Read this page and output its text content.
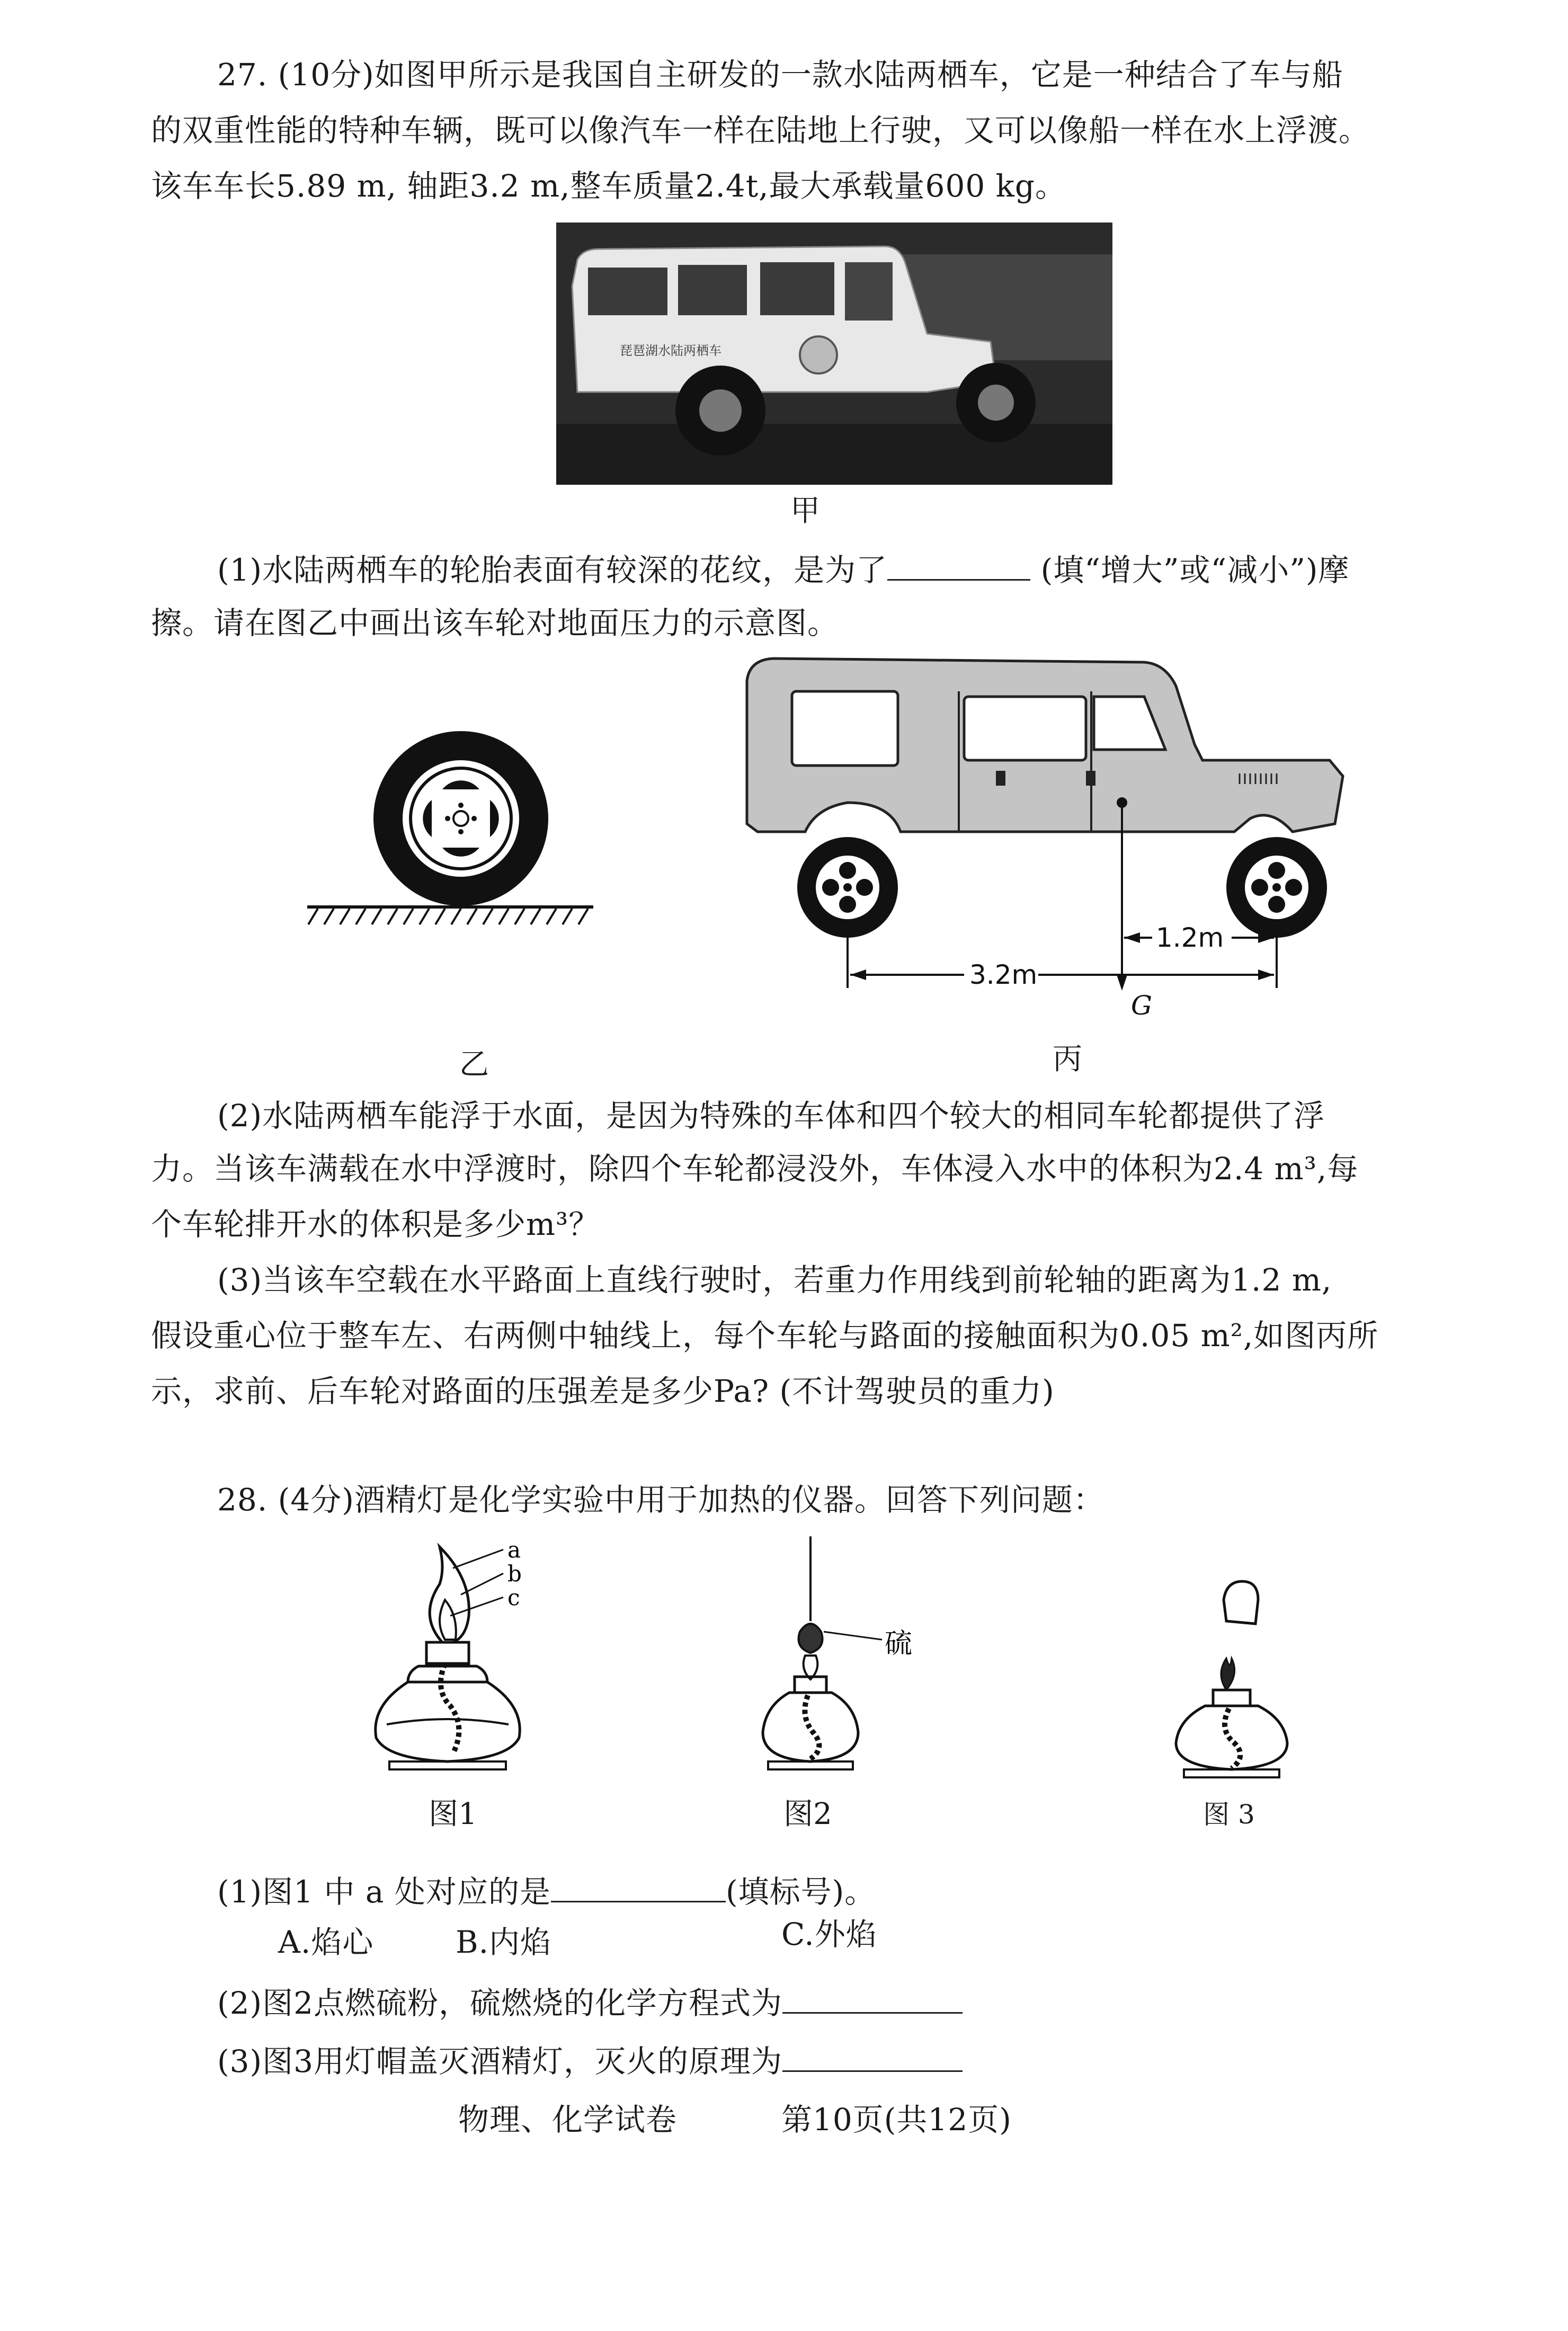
27. (10分)如图甲所示是我国自主研发的一款水陆两栖车，它是一种结合了车与船
的双重性能的特种车辆，既可以像汽车一样在陆地上行驶，又可以像船一样在水上浮渡。
该车车长5.89 m, 轴距3.2 m,整车质量2.4t,最大承载量600 kg。
琵琶湖水陆两栖车
甲
(1)水陆两栖车的轮胎表面有较深的花纹，是为了	(填“增大”或“减小”)摩
擦。请在图乙中画出该车轮对地面压力的示意图。
乙
G
3.2m
1.2m
丙
(2)水陆两栖车能浮于水面，是因为特殊的车体和四个较大的相同车轮都提供了浮
力。当该车满载在水中浮渡时，除四个车轮都浸没外，车体浸入水中的体积为2.4 m³,每
个车轮排开水的体积是多少m³？
(3)当该车空载在水平路面上直线行驶时，若重力作用线到前轮轴的距离为1.2 m,
假设重心位于整车左、右两侧中轴线上，每个车轮与路面的接触面积为0.05 m²,如图丙所
示，求前、后车轮对路面的压强差是多少Pa? (不计驾驶员的重力)
28. (4分)酒精灯是化学实验中用于加热的仪器。回答下列问题：
a
b
c
图1
硫
图2	图 3
(1)图1 中 a 处对应的是	(填标号)。
A.焰心	B.内焰	C.外焰
(2)图2点燃硫粉，硫燃烧的化学方程式为
(3)图3用灯帽盖灭酒精灯，灭火的原理为
物理、化学试卷	第10页(共12页)
